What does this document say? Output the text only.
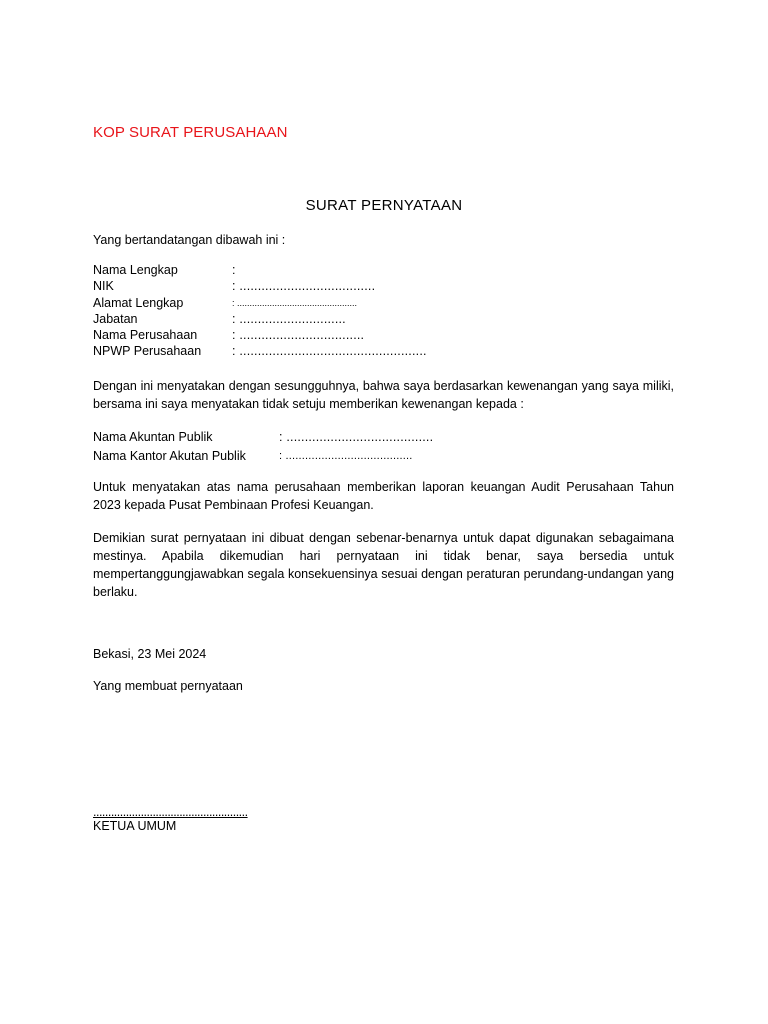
KOP SURAT PERUSAHAAN
SURAT PERNYATAAN
Yang bertandatangan dibawah ini :
Nama Lengkap	:
NIK	: .....................................
Alamat Lengkap	: ................................................
Jabatan	: .............................
Nama Perusahaan	: ..................................
NPWP Perusahaan	: ...................................................
Dengan ini menyatakan dengan sesungguhnya, bahwa saya berdasarkan kewenangan yang saya miliki, bersama ini saya menyatakan tidak setuju memberikan kewenangan kepada :
Nama Akuntan Publik	: ........................................
Nama Kantor Akutan Publik	: .......................................
Untuk menyatakan atas nama perusahaan memberikan laporan keuangan Audit Perusahaan Tahun 2023 kepada Pusat Pembinaan Profesi Keuangan.
Demikian surat pernyataan ini dibuat dengan sebenar-benarnya untuk dapat digunakan sebagaimana mestinya. Apabila dikemudian hari pernyataan ini tidak benar, saya bersedia untuk mempertanggungjawabkan segala konsekuensinya sesuai dengan peraturan perundang-undangan yang berlaku.
Bekasi, 23 Mei 2024
Yang membuat pernyataan
....................................................
KETUA UMUM
